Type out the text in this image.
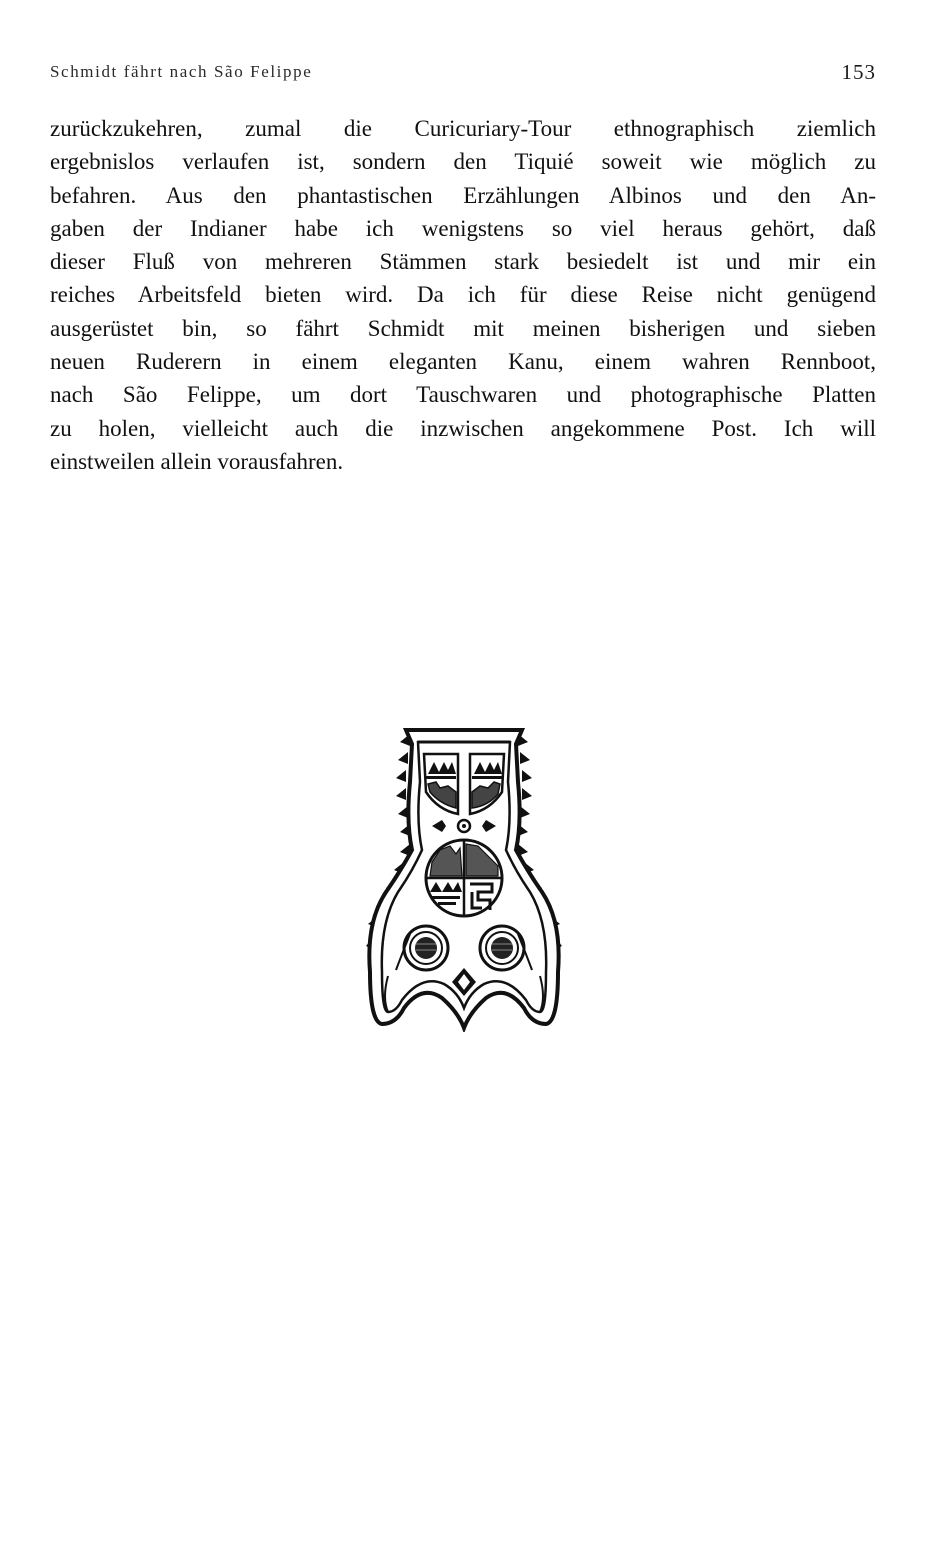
Schmidt fährt nach São Felippe	153
zurückzukehren, zumal die Curicuriary-Tour ethnographisch ziemlich
ergebnislos verlaufen ist, sondern den Tiquié soweit wie möglich zu
befahren. Aus den phantastischen Erzählungen Albinos und den An-
gaben der Indianer habe ich wenigstens so viel heraus gehört, daß
dieser Fluß von mehreren Stämmen stark besiedelt ist und mir ein
reiches Arbeitsfeld bieten wird. Da ich für diese Reise nicht genügend
ausgerüstet bin, so fährt Schmidt mit meinen bisherigen und sieben
neuen Ruderern in einem eleganten Kanu, einem wahren Rennboot,
nach São Felippe, um dort Tauschwaren und photographische Platten
zu holen, vielleicht auch die inzwischen angekommene Post. Ich will
einstweilen allein vorausfahren.
